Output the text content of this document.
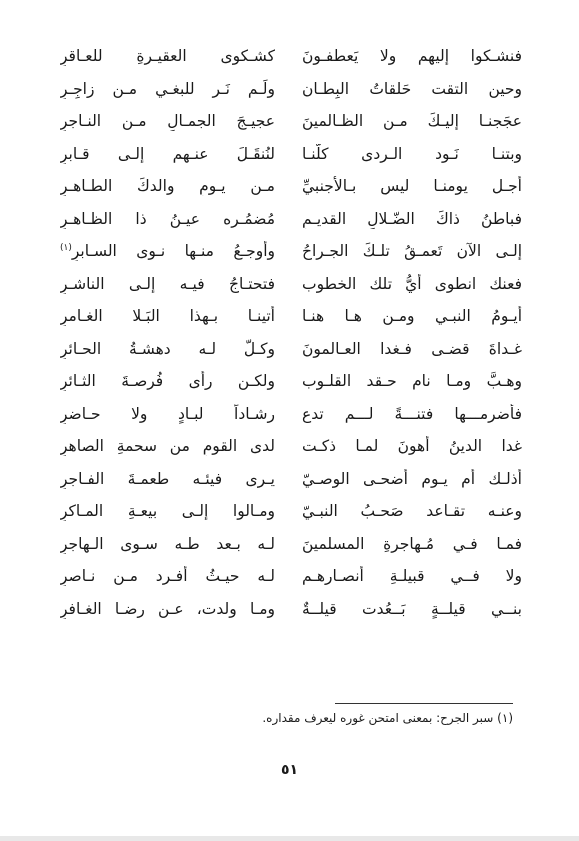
فنشـكوا إليهم ولا يَعطفـونَ
كشـكوى العقيـرةِ للعـاقرِ
وحين التقت حَلقاتُ البِطـان
ولَـم نَـر للبغـي مـن زاجِـرِ
عجَجنـا إليـكَ مـن الظـالمينَ
عجيـجَ الجمـالِ مـن النـاجرِ
وبتنـا نَـود الـردى كلّنـا
لنُنقَـلَ عنـهم إلـى قـابرِ
أجـل يومنـا ليس بـالأجنبيِّ
مـن يـومِ والدكَ الطـاهـرِ
فباطنُ ذاكَ الضّـلالِ القديـمِ
مُضمُـره عيـنُ ذا الظـاهـرِ
إلـى الآن تَعمـقُ تلـكَ الجـراحُ
وأوجـعُ منـها نـوى السـابرِ$^{(١)}$
فعنك انطوى أيُّ تلك الخطوب
فتحتـاجُ فيـه إلـى الناشـرِ
أيـومُ النبـي ومـن هـا هنـا
أُتينـا بـهذا البَـلا الغـامرِ
غـداةَ قضـى فـغدا العـالمونَ
وكـلٌّ لـه دهشـةُ الحـائرِ
وهـبَّ ومـا نام حـقد القلـوب
ولكـن رأى فُرصـةَ الثـائرِ
فأضرمـــها فتنـــةً لـــم تدع
رشـاداً لبـادٍ ولا حـاضرِ
غدا الدينُ أهونَ لمـا ذكـت
لدى القومِ من سحمةِ الصاهرِ
أذلـك أم يـوم أضحـى الوصـيّ
يـرى فيئـه طعمـةَ الفـاجرِ
وعنـه تقـاعد صَحـبُ النبـيّ
ومـالوا إلـى بيعـةِ المـاكرِ
فمـا فـي مُـهاجرةِ المسلمينَ
لـه بـعد طـه سـوى الـهاجرِ
ولا فــي قبيلـةِ أنصـارهـم
لـه حيـثُ أفـرد مـن نـاصرِ
بنــي قيلــةٍ بَــعُدت قيلــةٌ
ومـا ولدت، عـن رضـا الغـافرِ
(١) سبر الجرح: بمعنى امتحن غوره ليعرف مقداره.
٥١
